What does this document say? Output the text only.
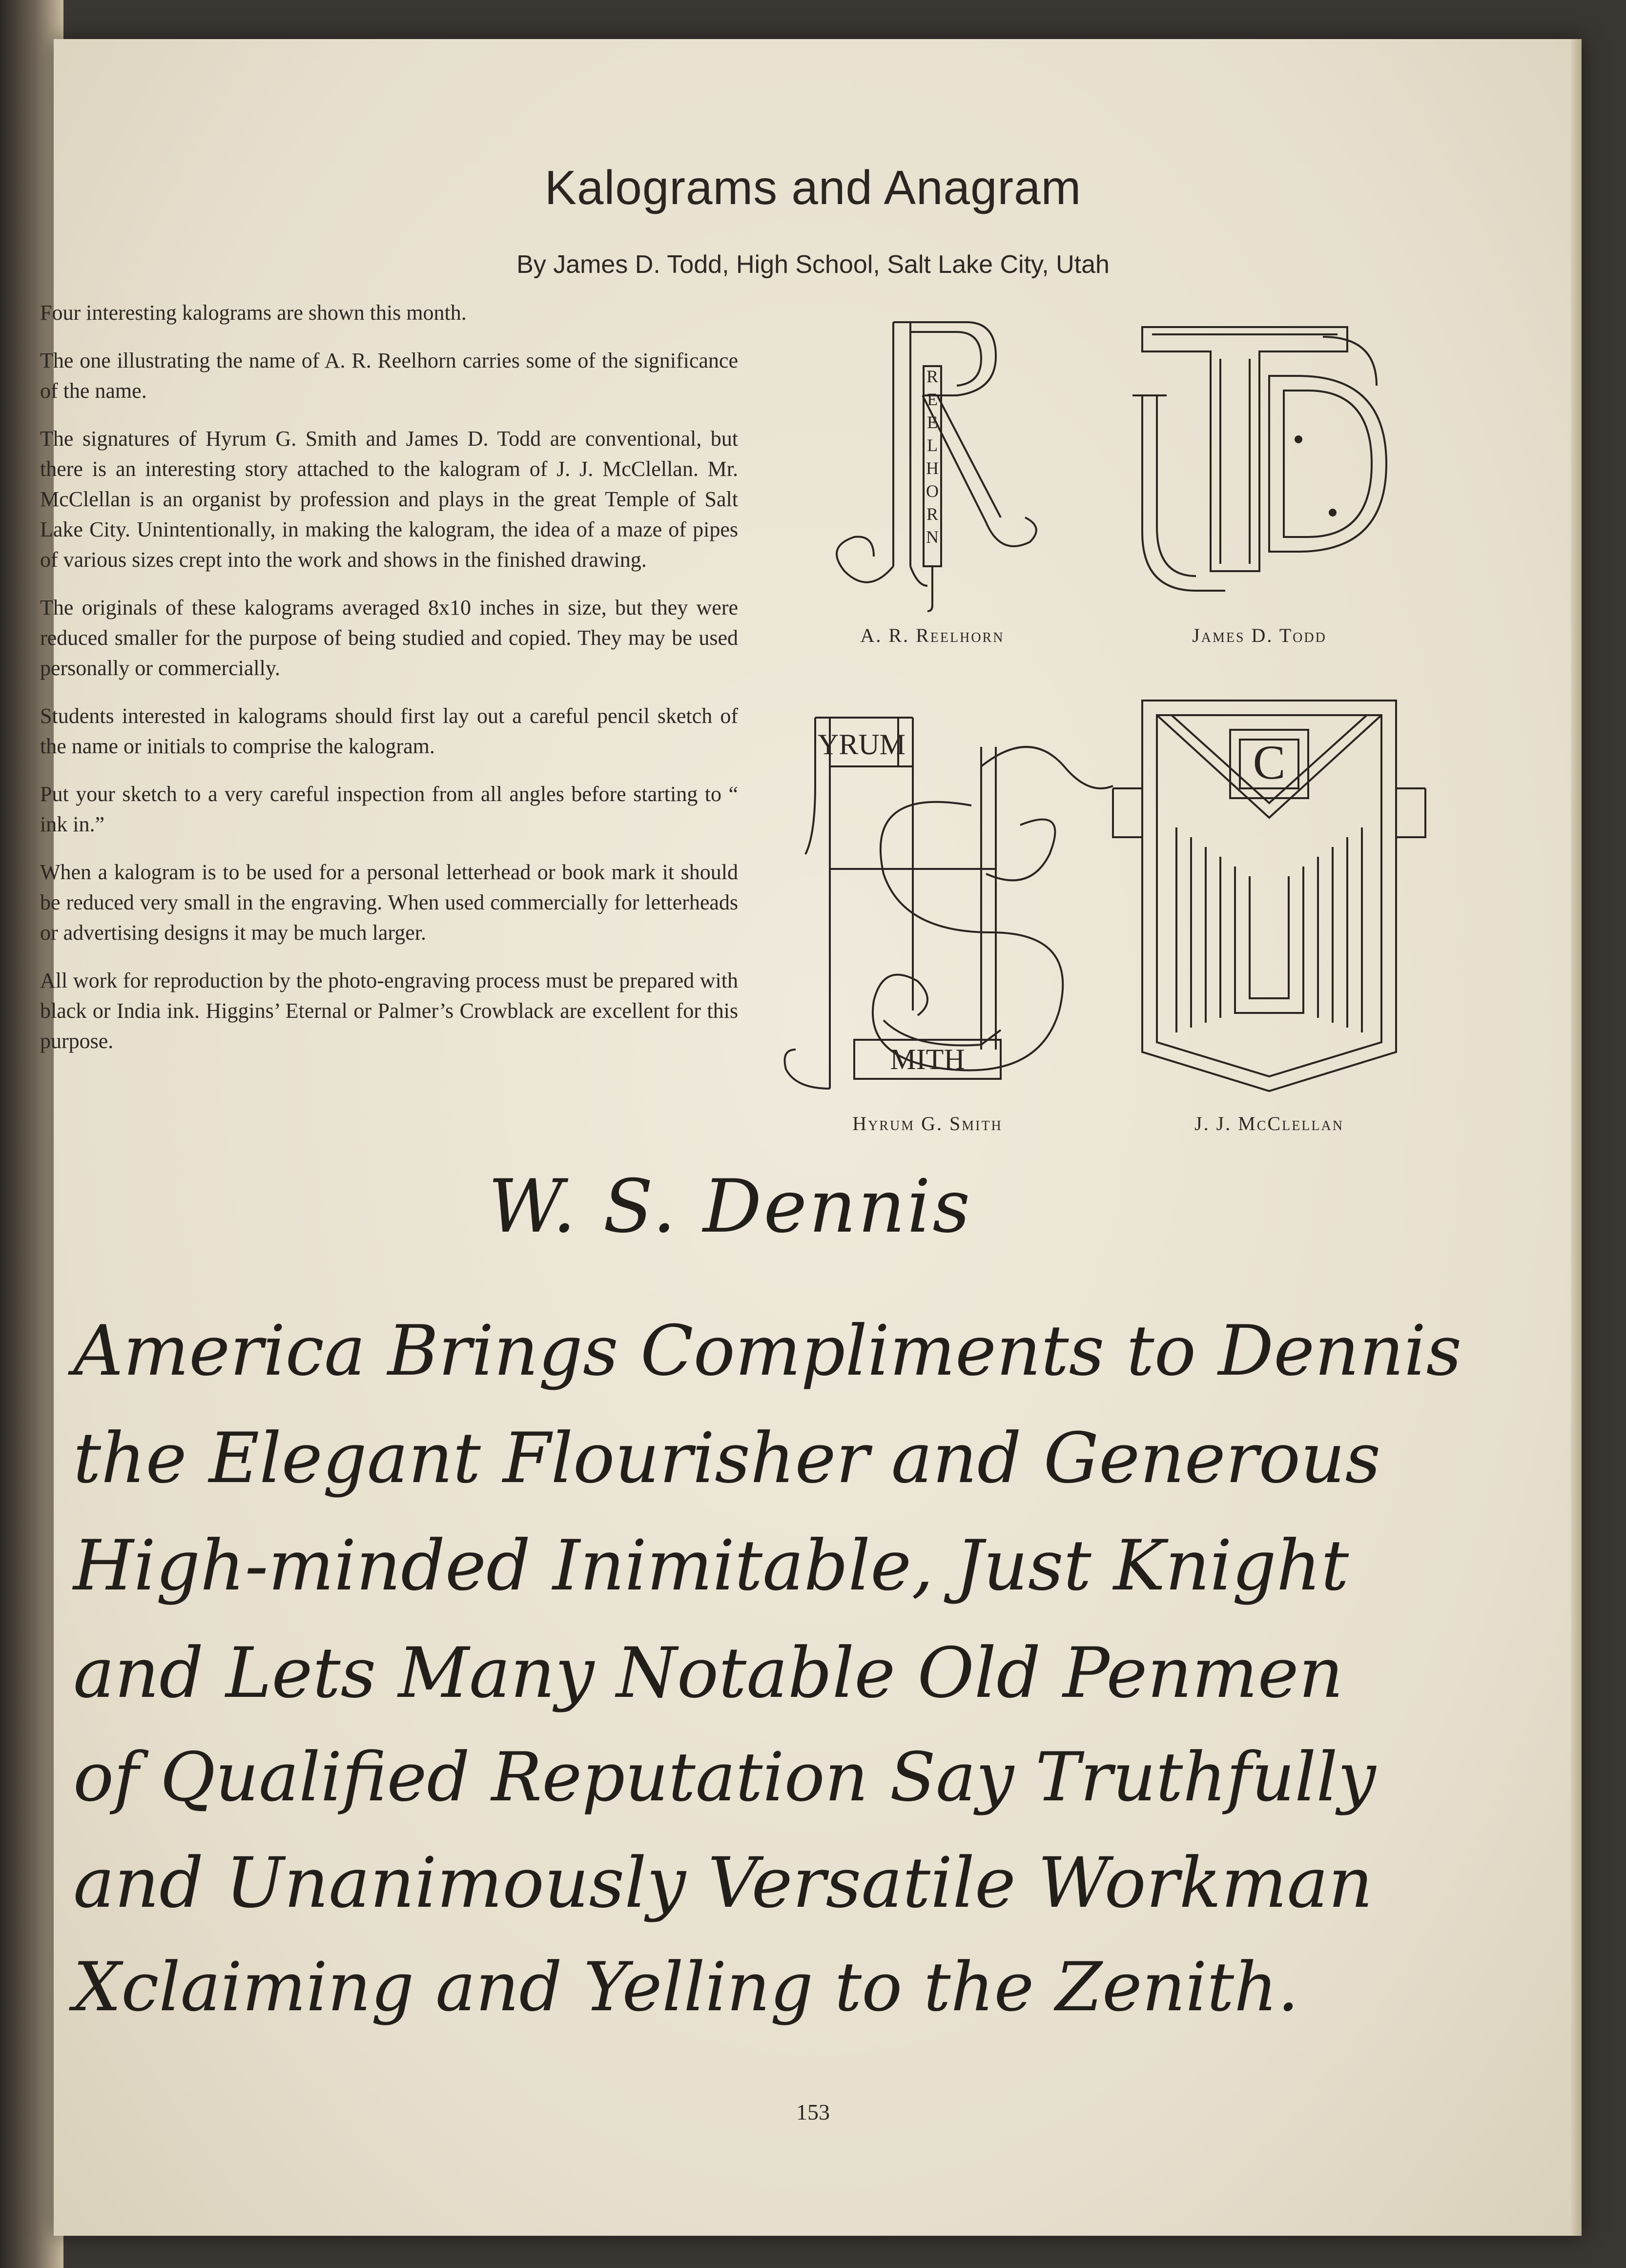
Kalograms and Anagram
By James D. Todd, High School, Salt Lake City, Utah

Four interesting kalograms are shown this month.

The one illustrating the name of A. R. Reelhorn carries some of the significance of the name.

The signatures of Hyrum G. Smith and James D. Todd are conventional, but there is an interesting story attached to the kalogram of J. J. McClellan. Mr. McClellan is an organist by profession and plays in the great Temple of Salt Lake City. Unintentionally, in making the kalogram, the idea of a maze of pipes of various sizes crept into the work and shows in the finished drawing.

The originals of these kalograms averaged 8x10 inches in size, but they were reduced smaller for the purpose of being studied and copied. They may be used personally or commercially.

Students interested in kalograms should first lay out a careful pencil sketch of the name or initials to comprise the kalogram.

Put your sketch to a very careful inspection from all angles before starting to “ ink in.”

When a kalogram is to be used for a personal letterhead or book mark it should be reduced very small in the engraving. When used commercially for letterheads or advertising designs it may be much larger.

All work for reproduction by the photo-engraving process must be prepared with black or India ink. Higgins’ Eternal or Palmer’s Crowblack are excellent for this purpose.

R
E
E
L
H
O
R
N
A. R. Reelhorn	James D. Todd
YRUM
MITH
Hyrum G. Smith
C
J. J. McClellan
W. S. Dennis
America Brings Compliments to Dennis
the Elegant Flourisher and Generous
High-minded Inimitable, Just Knight
and Lets Many Notable Old Penmen
of Qualified Reputation Say Truthfully
and Unanimously Versatile Workman
Xclaiming and Yelling to the Zenith.
153
